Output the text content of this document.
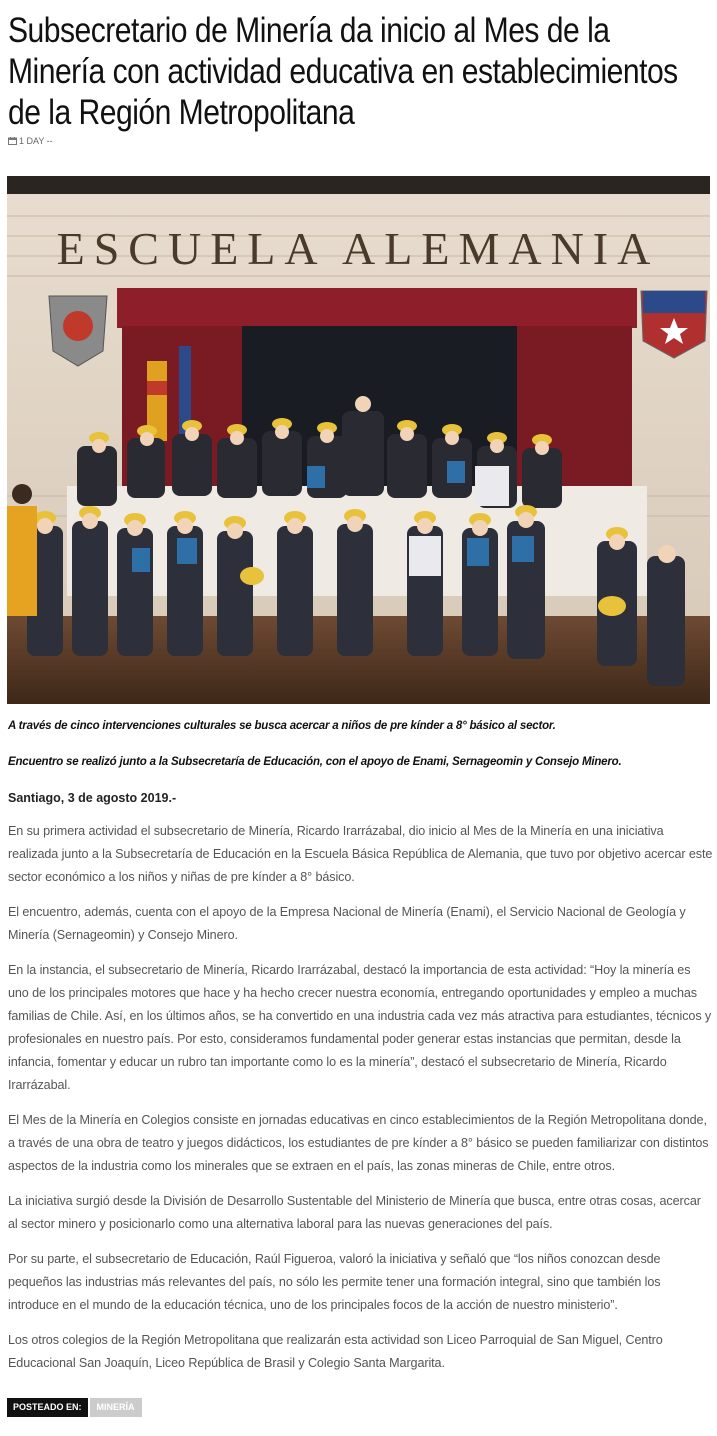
Subsecretario de Minería da inicio al Mes de la Minería con actividad educativa en establecimientos de la Región Metropolitana
1 DAY --
ESCUELA ALEMANIA
A través de cinco intervenciones culturales se busca acercar a niños de pre kínder a 8° básico al sector.
Encuentro se realizó junto a la Subsecretaría de Educación, con el apoyo de Enami, Sernageomin y Consejo Minero.
Santiago, 3 de agosto 2019.-

En su primera actividad el subsecretario de Minería, Ricardo Irarrázabal, dio inicio al Mes de la Minería en una iniciativa realizada junto a la Subsecretaría de Educación en la Escuela Básica República de Alemania, que tuvo por objetivo acercar este sector económico a los niños y niñas de pre kínder a 8° básico.

El encuentro, además, cuenta con el apoyo de la Empresa Nacional de Minería (Enami), el Servicio Nacional de Geología y Minería (Sernageomin) y Consejo Minero.

En la instancia, el subsecretario de Minería, Ricardo Irarrázabal, destacó la importancia de esta actividad: “Hoy la minería es uno de los principales motores que hace y ha hecho crecer nuestra economía, entregando oportunidades y empleo a muchas familias de Chile. Así, en los últimos años, se ha convertido en una industria cada vez más atractiva para estudiantes, técnicos y profesionales en nuestro país. Por esto, consideramos fundamental poder generar estas instancias que permitan, desde la infancia, fomentar y educar un rubro tan importante como lo es la minería”, destacó el subsecretario de Minería, Ricardo Irarrázabal.

El Mes de la Minería en Colegios consiste en jornadas educativas en cinco establecimientos de la Región Metropolitana donde, a través de una obra de teatro y juegos didácticos, los estudiantes de pre kínder a 8° básico se pueden familiarizar con distintos aspectos de la industria como los minerales que se extraen en el país, las zonas mineras de Chile, entre otros.

La iniciativa surgió desde la División de Desarrollo Sustentable del Ministerio de Minería que busca, entre otras cosas, acercar al sector minero y posicionarlo como una alternativa laboral para las nuevas generaciones del país.

Por su parte, el subsecretario de Educación, Raúl Figueroa, valoró la iniciativa y señaló que “los niños conozcan desde pequeños las industrias más relevantes del país, no sólo les permite tener una formación integral, sino que también los introduce en el mundo de la educación técnica, uno de los principales focos de la acción de nuestro ministerio”.

Los otros colegios de la Región Metropolitana que realizarán esta actividad son Liceo Parroquial de San Miguel, Centro Educacional San Joaquín, Liceo República de Brasil y Colegio Santa Margarita.

POSTEADO EN:	MINERÍA
